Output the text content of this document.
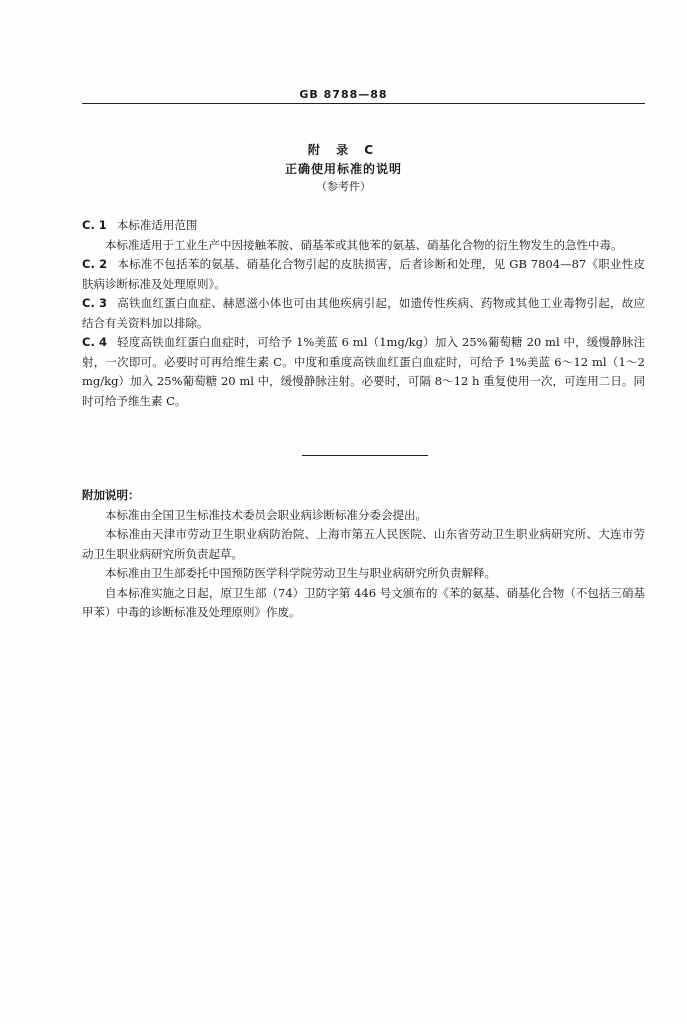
GB 8788—88
附 录 C
正确使用标准的说明
（参考件）

C. 1 本标准适用范围

本标准适用于工业生产中因接触苯胺、硝基苯或其他苯的氨基、硝基化合物的衍生物发生的急性中毒。

C. 2 本标准不包括苯的氨基、硝基化合物引起的皮肤损害，后者诊断和处理，见 GB 7804—87《职业性皮肤病诊断标准及处理原则》。

C. 3 高铁血红蛋白血症、赫恩滋小体也可由其他疾病引起，如遗传性疾病、药物或其他工业毒物引起，故应结合有关资料加以排除。

C. 4 轻度高铁血红蛋白血症时，可给予 1%美蓝 6 ml（1mg/kg）加入 25%葡萄糖 20 ml 中，缓慢静脉注射，一次即可。必要时可再给维生素 C。中度和重度高铁血红蛋白血症时，可给予 1%美蓝 6～12 ml（1～2 mg/kg）加入 25%葡萄糖 20 ml 中，缓慢静脉注射。必要时，可隔 8～12 h 重复使用一次，可连用二日。同时可给予维生素 C。

附加说明：

本标准由全国卫生标准技术委员会职业病诊断标准分委会提出。

本标准由天津市劳动卫生职业病防治院、上海市第五人民医院、山东省劳动卫生职业病研究所、大连市劳动卫生职业病研究所负责起草。

本标准由卫生部委托中国预防医学科学院劳动卫生与职业病研究所负责解释。

自本标准实施之日起，原卫生部（74）卫防字第 446 号文颁布的《苯的氨基、硝基化合物（不包括三硝基甲苯）中毒的诊断标准及处理原则》作废。
